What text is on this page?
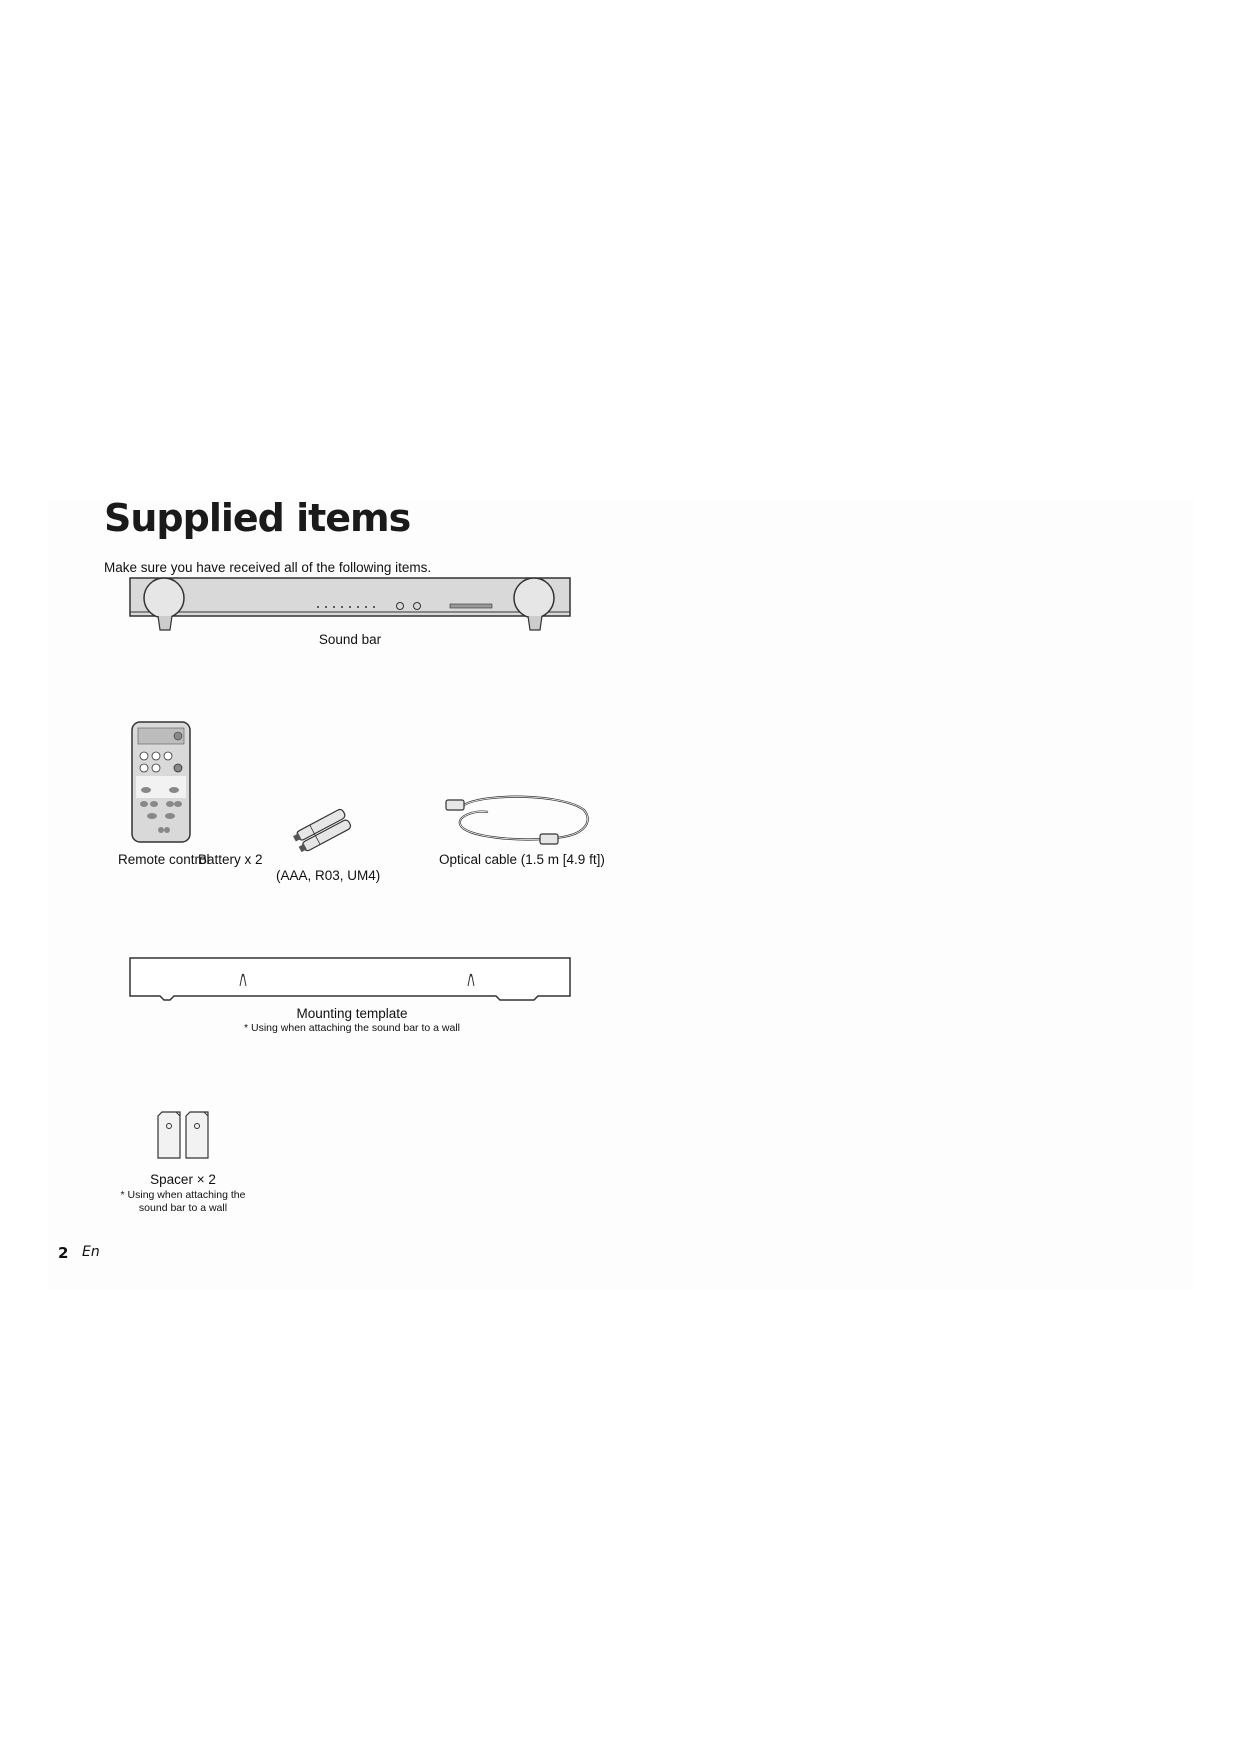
Supplied items
Make sure you have received all of the following items.
Sound bar
Remote control
Battery x 2
(AAA, R03, UM4)
Optical cable (1.5 m [4.9 ft])
Mounting template
* Using when attaching the sound bar to a wall
Spacer × 2
* Using when attaching the
sound bar to a wall
2 En
